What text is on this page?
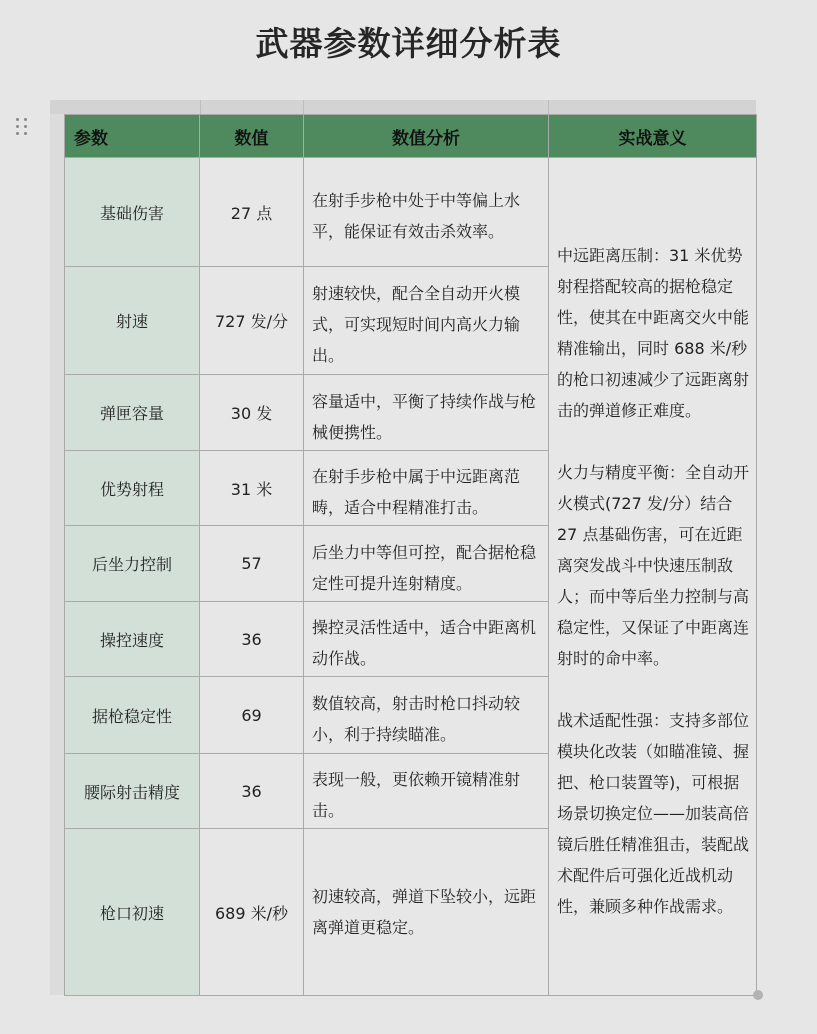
武器参数详细分析表
参数	数值	数值分析	实战意义
基础伤害	27 点	在射手步枪中处于中等偏上水平，能保证有效击杀效率。	中远距离压制：31 米优势射程搭配较高的据枪稳定性，使其在中距离交火中能精准输出，同时 688 米/秒的枪口初速减少了远距离射击的弹道修正难度。

火力与精度平衡：全自动开火模式(727 发/分）结合 27 点基础伤害，可在近距离突发战斗中快速压制敌人；而中等后坐力控制与高稳定性，又保证了中距离连射时的命中率。

战术适配性强：支持多部位模块化改装（如瞄准镜、握把、枪口装置等)，可根据场景切换定位——加装高倍镜后胜任精准狙击，装配战术配件后可强化近战机动性，兼顾多种作战需求。

射速	727 发/分	射速较快，配合全自动开火模式，可实现短时间内高火力输出。	
弹匣容量	30 发	容量适中，平衡了持续作战与枪械便携性。	
优势射程	31 米	在射手步枪中属于中远距离范畴，适合中程精准打击。	
后坐力控制	57	后坐力中等但可控，配合据枪稳定性可提升连射精度。	
操控速度	36	操控灵活性适中，适合中距离机动作战。	
据枪稳定性	69	数值较高，射击时枪口抖动较小，利于持续瞄准。	
腰际射击精度	36	表现一般，更依赖开镜精准射击。	
枪口初速	689 米/秒	初速较高，弹道下坠较小，远距离弹道更稳定。	
